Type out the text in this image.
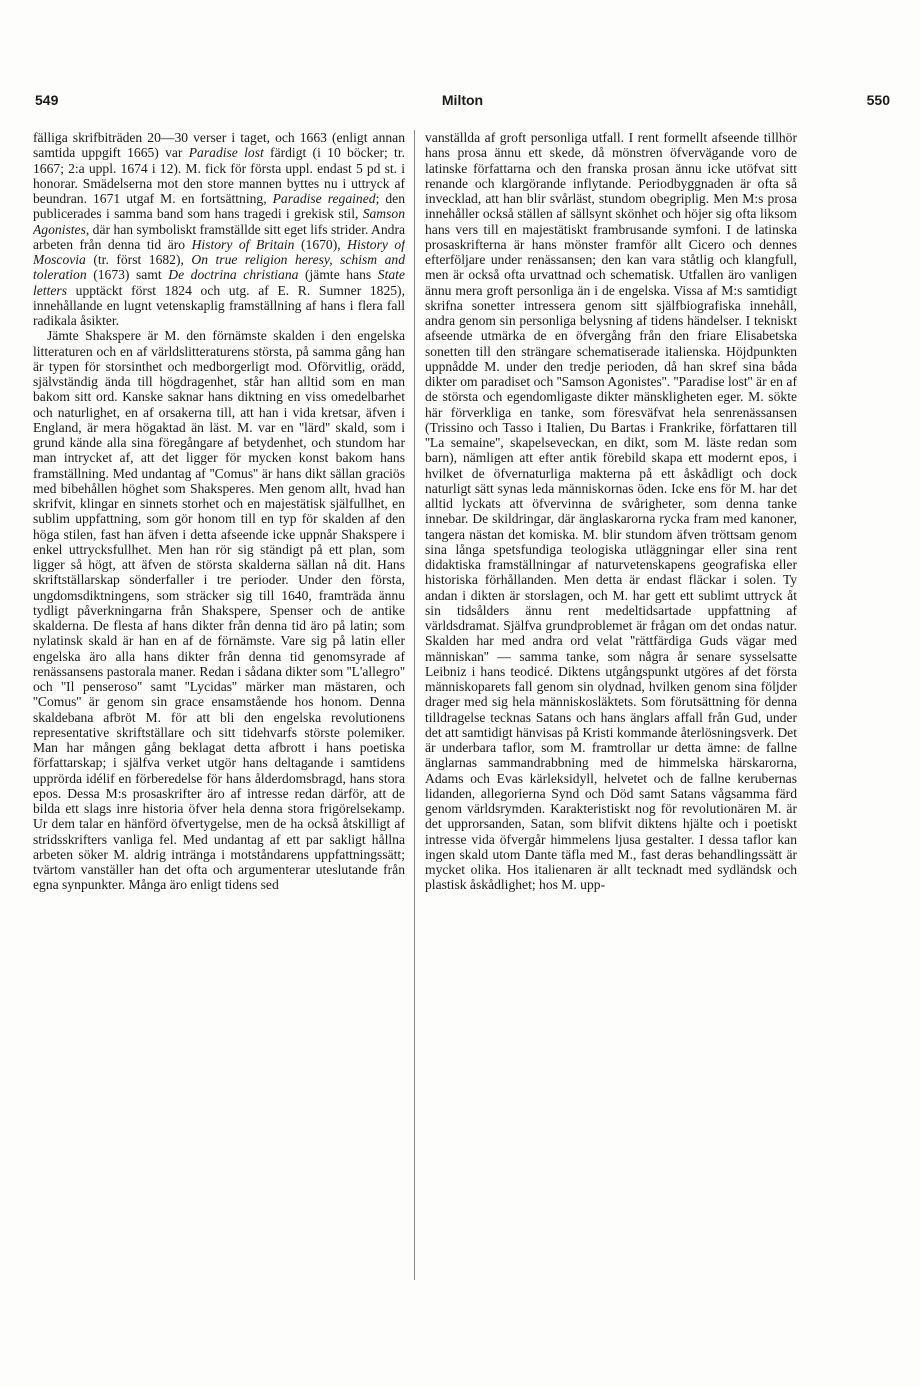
549	Milton	550

fälliga skrifbiträden 20—30 verser i taget, och 1663 (enligt annan samtida uppgift 1665) var Paradise lost färdigt (i 10 böcker; tr. 1667; 2:a uppl. 1674 i 12). M. fick för första uppl. endast 5 pd st. i honorar. Smädelserna mot den store mannen byttes nu i uttryck af beundran. 1671 utgaf M. en fortsättning, Paradise regained; den publicerades i samma band som hans tragedi i grekisk stil, Samson Agonistes, där han symboliskt framställde sitt eget lifs strider. Andra arbeten från denna tid äro History of Britain (1670), History of Moscovia (tr. först 1682), On true religion heresy, schism and toleration (1673) samt De doctrina christiana (jämte hans State letters upptäckt först 1824 och utg. af E. R. Sumner 1825), innehållande en lugnt vetenskaplig framställning af hans i flera fall radikala åsikter.

Jämte Shakspere är M. den förnämste skalden i den engelska litteraturen och en af världslitteraturens största, på samma gång han är typen för storsinthet och medborgerligt mod. Oförvitlig, orädd, självständig ända till högdragenhet, står han alltid som en man bakom sitt ord. Kanske saknar hans diktning en viss omedelbarhet och naturlighet, en af orsakerna till, att han i vida kretsar, äfven i England, är mera högaktad än läst. M. var en ''lärd'' skald, som i grund kände alla sina föregångare af betydenhet, och stundom har man intrycket af, att det ligger för mycken konst bakom hans framställning. Med undantag af ''Comus'' är hans dikt sällan graciös med bibehållen höghet som Shaksperes. Men genom allt, hvad han skrifvit, klingar en sinnets storhet och en majestätisk själfullhet, en sublim uppfattning, som gör honom till en typ för skalden af den höga stilen, fast han äfven i detta afseende icke uppnår Shakspere i enkel uttrycksfullhet. Men han rör sig ständigt på ett plan, som ligger så högt, att äfven de största skalderna sällan nå dit. Hans skriftställarskap sönderfaller i tre perioder. Under den första, ungdomsdiktningens, som sträcker sig till 1640, framträda ännu tydligt påverkningarna från Shakspere, Spenser och de antike skalderna. De flesta af hans dikter från denna tid äro på latin; som nylatinsk skald är han en af de förnämste. Vare sig på latin eller engelska äro alla hans dikter från denna tid genomsyrade af renässansens pastorala maner. Redan i sådana dikter som ''L'allegro'' och ''Il penseroso'' samt ''Lycidas'' märker man mästaren, och ''Comus'' är genom sin grace ensamstående hos honom. Denna skaldebana afbröt M. för att bli den engelska revolutionens representative skriftställare och sitt tidehvarfs störste polemiker. Man har mången gång beklagat detta afbrott i hans poetiska författarskap; i själfva verket utgör hans deltagande i samtidens upprörda idélif en förberedelse för hans ålderdomsbragd, hans stora epos. Dessa M:s prosaskrifter äro af intresse redan därför, att de bilda ett slags inre historia öfver hela denna stora frigörelsekamp. Ur dem talar en hänförd öfvertygelse, men de ha också åtskilligt af stridsskrifters vanliga fel. Med undantag af ett par sakligt hållna arbeten söker M. aldrig intränga i motståndarens uppfattningssätt; tvärtom vanställer han det ofta och argumenterar uteslutande från egna synpunkter. Många äro enligt tidens sed

vanställda af groft personliga utfall. I rent formellt afseende tillhör hans prosa ännu ett skede, då mönstren öfvervägande voro de latinske författarna och den franska prosan ännu icke utöfvat sitt renande och klargörande inflytande. Periodbyggnaden är ofta så invecklad, att han blir svårläst, stundom obegriplig. Men M:s prosa innehåller också ställen af sällsynt skönhet och höjer sig ofta liksom hans vers till en majestätiskt frambrusande symfoni. I de latinska prosaskrifterna är hans mönster framför allt Cicero och dennes efterföljare under renässansen; den kan vara ståtlig och klangfull, men är också ofta urvattnad och schematisk. Utfallen äro vanligen ännu mera groft personliga än i de engelska. Vissa af M:s samtidigt skrifna sonetter intressera genom sitt själfbiografiska innehåll, andra genom sin personliga belysning af tidens händelser. I tekniskt afseende utmärka de en öfvergång från den friare Elisabetska sonetten till den strängare schematiserade italienska. Höjdpunkten uppnådde M. under den tredje perioden, då han skref sina båda dikter om paradiset och ''Samson Agonistes''. ''Paradise lost'' är en af de största och egendomligaste dikter mänskligheten eger. M. sökte här förverkliga en tanke, som föresväfvat hela senrenässansen (Trissino och Tasso i Italien, Du Bartas i Frankrike, författaren till ''La semaine'', skapelseveckan, en dikt, som M. läste redan som barn), nämligen att efter antik förebild skapa ett modernt epos, i hvilket de öfvernaturliga makterna på ett åskådligt och dock naturligt sätt synas leda människornas öden. Icke ens för M. har det alltid lyckats att öfvervinna de svårigheter, som denna tanke innebar. De skildringar, där änglaskarorna rycka fram med kanoner, tangera nästan det komiska. M. blir stundom äfven tröttsam genom sina långa spetsfundiga teologiska utläggningar eller sina rent didaktiska framställningar af naturvetenskapens geografiska eller historiska förhållanden. Men detta är endast fläckar i solen. Ty andan i dikten är storslagen, och M. har gett ett sublimt uttryck åt sin tidsålders ännu rent medeltidsartade uppfattning af världsdramat. Själfva grundproblemet är frågan om det ondas natur. Skalden har med andra ord velat ''rättfärdiga Guds vägar med människan'' — samma tanke, som några år senare sysselsatte Leibniz i hans teodicé. Diktens utgångspunkt utgöres af det första människoparets fall genom sin olydnad, hvilken genom sina följder drager med sig hela människosläktets. Som förutsättning för denna tilldragelse tecknas Satans och hans änglars affall från Gud, under det att samtidigt hänvisas på Kristi kommande återlösningsverk. Det är underbara taflor, som M. framtrollar ur detta ämne: de fallne änglarnas sammandrabbning med de himmelska härskarorna, Adams och Evas kärleksidyll, helvetet och de fallne kerubernas lidanden, allegorierna Synd och Död samt Satans vågsamma färd genom världsrymden. Karakteristiskt nog för revolutionären M. är det upprorsanden, Satan, som blifvit diktens hjälte och i poetiskt intresse vida öfvergår himmelens ljusa gestalter. I dessa taflor kan ingen skald utom Dante täfla med M., fast deras behandlingssätt är mycket olika. Hos italienaren är allt tecknadt med sydländsk och plastisk åskådlighet; hos M. upp-
